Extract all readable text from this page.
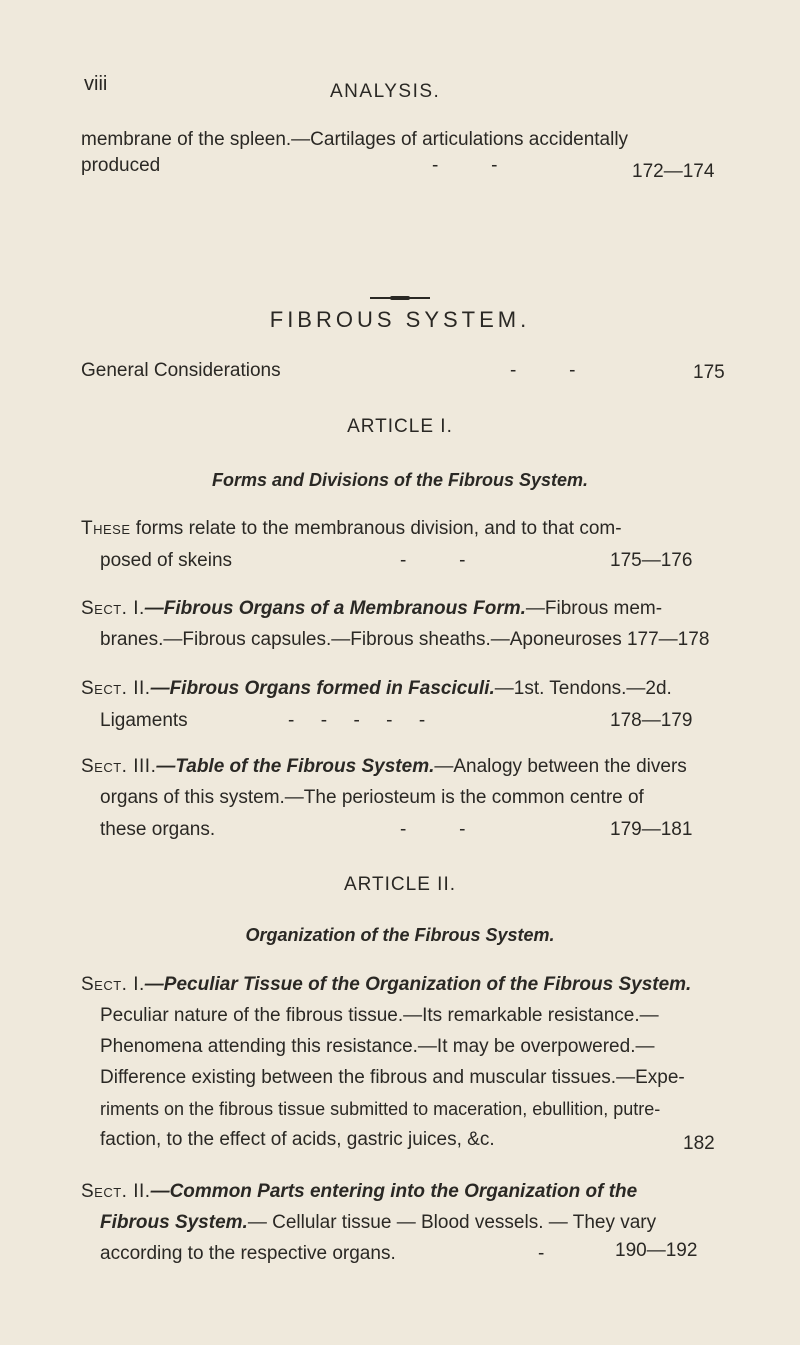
viii	ANALYSIS.
membrane of the spleen.—Cartilages of articulations accidentally
produced	-          -	172—174
FIBROUS SYSTEM.
General Considerations	-          -	175
ARTICLE I.
Forms and Divisions of the Fibrous System.
These forms relate to the membranous division, and to that com-
posed of skeins	-          -	175—176
Sect. I.—Fibrous Organs of a Membranous Form.—Fibrous mem-
branes.—Fibrous capsules.—Fibrous sheaths.—Aponeuroses 177—178
Sect. II.—Fibrous Organs formed in Fasciculi.—1st. Tendons.—2d.
Ligaments	-     -     -     -     -	178—179
Sect. III.—Table of the Fibrous System.—Analogy between the divers
organs of this system.—The periosteum is the common centre of
these organs.	-          -	179—181
ARTICLE II.
Organization of the Fibrous System.
Sect. I.—Peculiar Tissue of the Organization of the Fibrous System.
Peculiar nature of the fibrous tissue.—Its remarkable resistance.—
Phenomena attending this resistance.—It may be overpowered.—
Difference existing between the fibrous and muscular tissues.—Expe-
riments on the fibrous tissue submitted to maceration, ebullition, putre-
faction, to the effect of acids, gastric juices, &c.	182
Sect. II.—Common Parts entering into the Organization of the
Fibrous System.— Cellular tissue — Blood vessels. — They vary
according to the respective organs.	-	190—192
